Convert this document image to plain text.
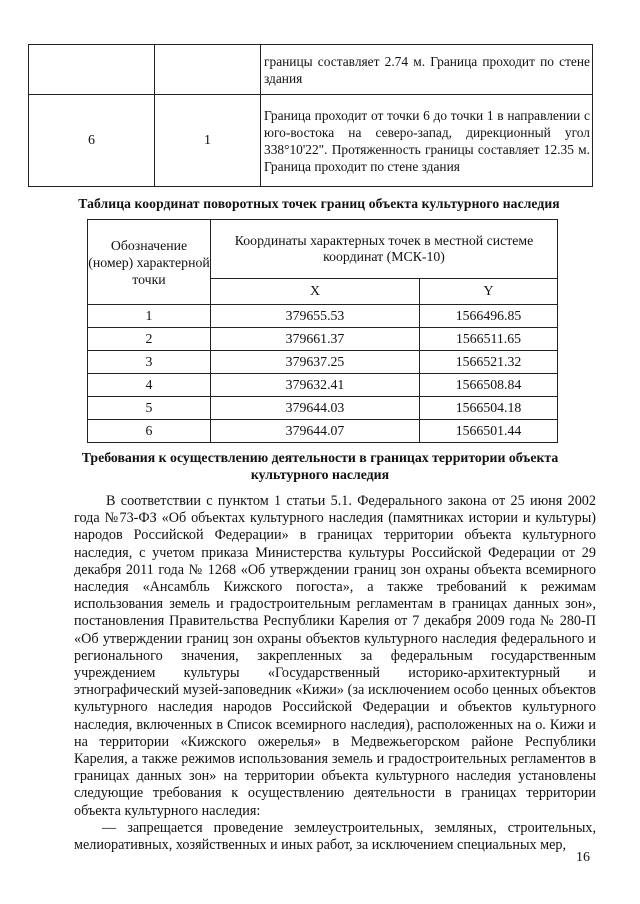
		границы составляет 2.74 м. Граница проходит по стене здания
6	1	Граница проходит от точки 6 до точки 1 в направлении с юго-востока на северо-запад, дирекционный угол 338°10'22". Протяженность границы составляет 12.35 м. Граница проходит по стене здания
Таблица координат поворотных точек границ объекта культурного наследия
Обозначение (номер) характерной точки	Координаты характерных точек в местной системе координат (МСК-10)	
	X	Y
1	379655.53	1566496.85
2	379661.37	1566511.65
3	379637.25	1566521.32
4	379632.41	1566508.84
5	379644.03	1566504.18
6	379644.07	1566501.44
Требования к осуществлению деятельности в границах территории объекта культурного наследия

В соответствии с пунктом 1 статьи 5.1. Федерального закона от 25 июня 2002 года №73-ФЗ «Об объектах культурного наследия (памятниках истории и культуры) народов Российской Федерации» в границах территории объекта культурного наследия, с учетом приказа Министерства культуры Российской Федерации от 29 декабря 2011 года № 1268 «Об утверждении границ зон охраны объекта всемирного наследия «Ансамбль Кижского погоста», а также требований к режимам использования земель и градостроительным регламентам в границах данных зон», постановления Правительства Республики Карелия от 7 декабря 2009 года № 280-П «Об утверждении границ зон охраны объектов культурного наследия федерального и регионального значения, закрепленных за федеральным государственным учреждением культуры «Государственный историко-архитектурный и этнографический музей-заповедник «Кижи» (за исключением особо ценных объектов культурного наследия народов Российской Федерации и объектов культурного наследия, включенных в Список всемирного наследия), расположенных на о. Кижи и на территории «Кижского ожерелья» в Медвежьегорском районе Республики Карелия, а также режимов использования земель и градостроительных регламентов в границах данных зон» на территории объекта культурного наследия установлены следующие требования к осуществлению деятельности в границах территории объекта культурного наследия:

— запрещается проведение землеустроительных, земляных, строительных, мелиоративных, хозяйственных и иных работ, за исключением специальных мер,

16
